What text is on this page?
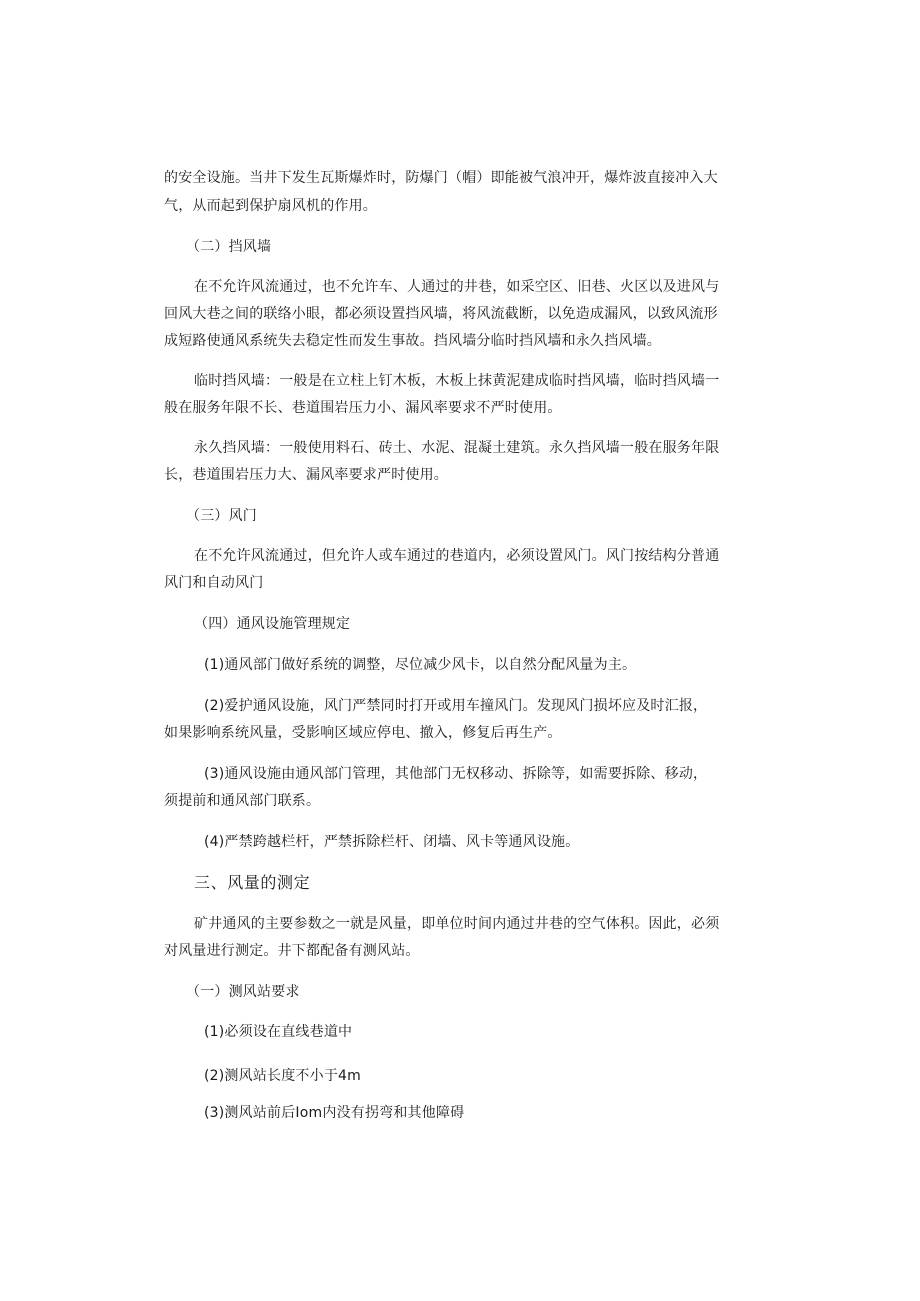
的安全设施。当井下发生瓦斯爆炸时，防爆门（帽）即能被气浪冲开，爆炸波直接冲入大
气，从而起到保护扇风机的作用。
（二）挡风墙
在不允许风流通过，也不允许车、人通过的井巷，如采空区、旧巷、火区以及进风与
回风大巷之间的联络小眼，都必须设置挡风墙，将风流截断，以免造成漏风，以致风流形
成短路使通风系统失去稳定性而发生事故。挡风墙分临时挡风墙和永久挡风墙。
临时挡风墙：一般是在立柱上钉木板，木板上抹黄泥建成临时挡风墙，临时挡风墙一
般在服务年限不长、巷道围岩压力小、漏风率要求不严时使用。
永久挡风墙：一般使用料石、砖土、水泥、混凝土建筑。永久挡风墙一般在服务年限
长，巷道围岩压力大、漏风率要求严时使用。
（三）风门
在不允许风流通过，但允许人或车通过的巷道内，必须设置风门。风门按结构分普通
风门和自动风门
（四）通风设施管理规定
(1)通风部门做好系统的调整，尽位减少风卡，以自然分配风量为主。
(2)爱护通风设施，风门严禁同时打开或用车撞风门。发现风门损坏应及时汇报，
如果影响系统风量，受影响区域应停电、撤入，修复后再生产。
(3)通风设施由通风部门管理，其他部门无权移动、拆除等，如需要拆除、移动，
须提前和通风部门联系。
(4)严禁跨越栏杆，严禁拆除栏杆、闭墙、风卡等通风设施。
三、风量的测定
矿井通风的主要参数之一就是风量，即单位时间内通过井巷的空气体积。因此，必须
对风量进行测定。井下都配备有测风站。
（一）测风站要求
(1)必须设在直线巷道中
(2)测风站长度不小于4m
(3)测风站前后Iom内没有拐弯和其他障碍
